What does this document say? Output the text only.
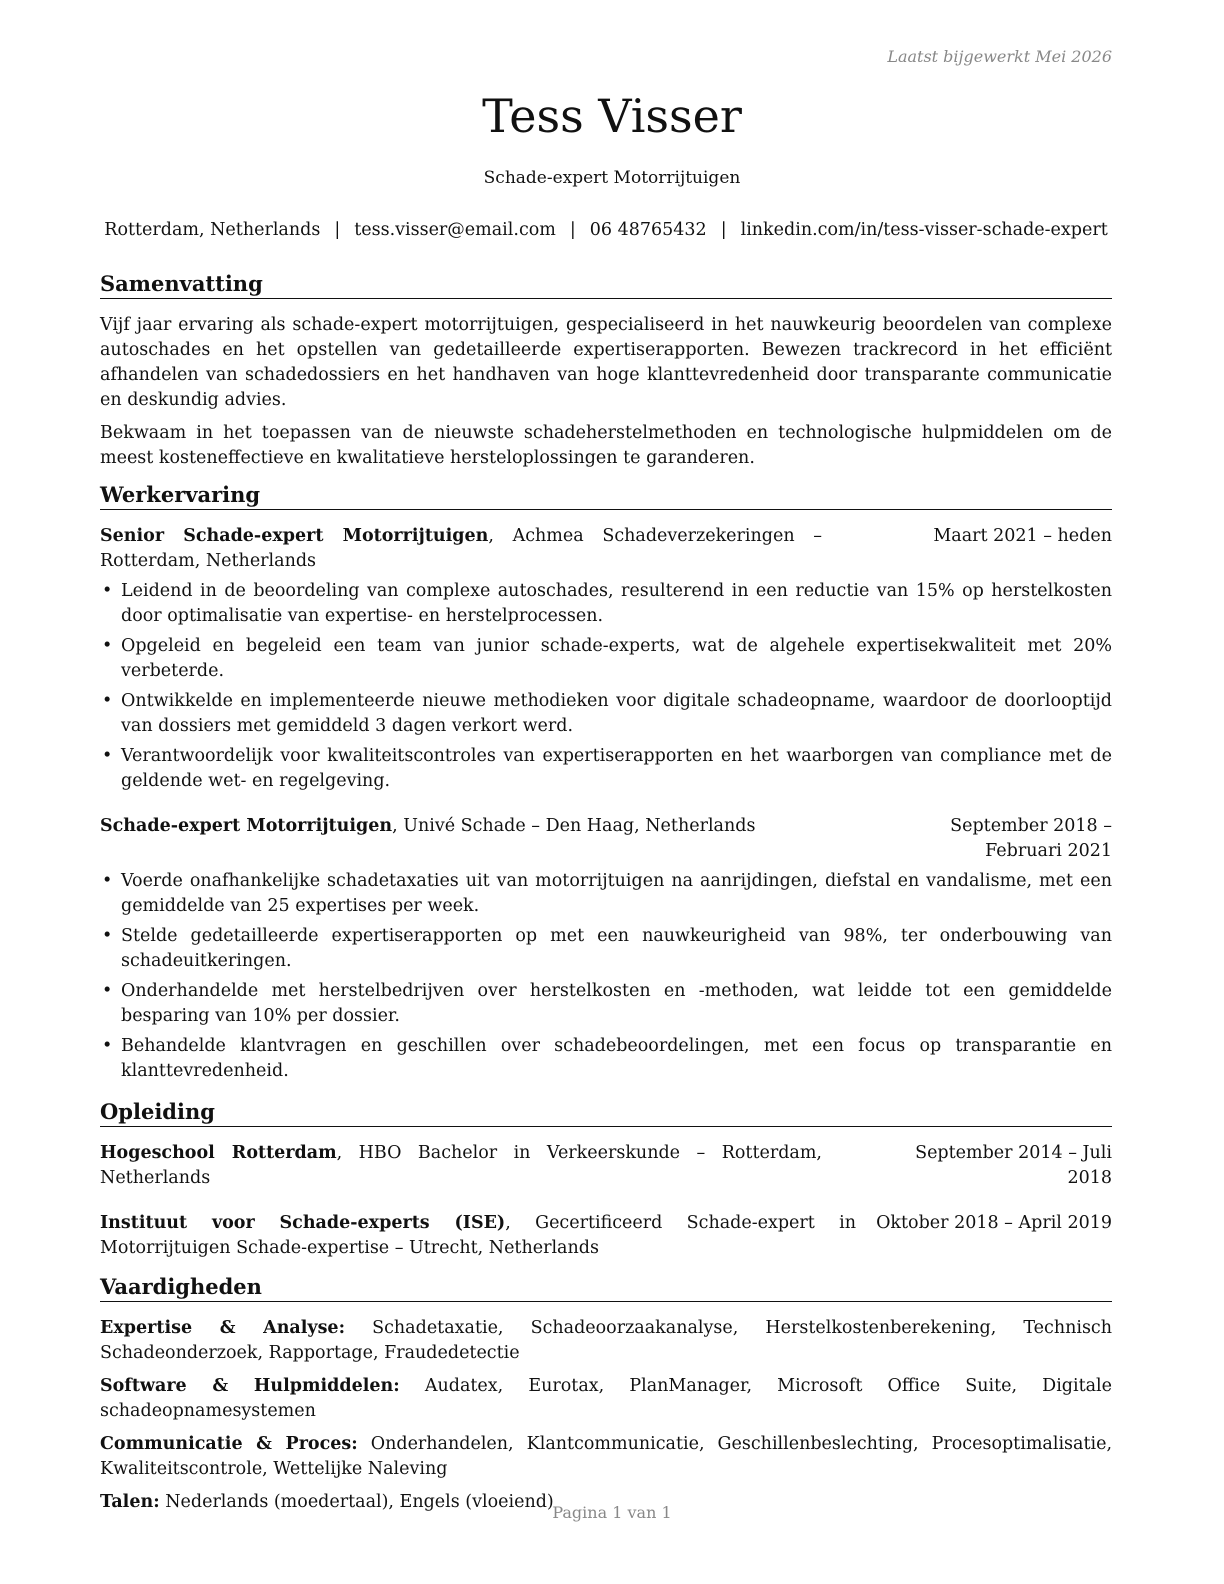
Laatst bijgewerkt Mei 2026
Tess Visser
Schade-expert Motorrijtuigen
Rotterdam, Netherlands | tess.visser@email.com | 06 48765432 | linkedin.com/in/tess-visser-schade-expert
Samenvatting

Vijf jaar ervaring als schade-expert motorrijtuigen, gespecialiseerd in het nauwkeurig beoordelen van complexe autoschades en het opstellen van gedetailleerde expertiserapporten. Bewezen trackrecord in het efficiënt afhandelen van schadedossiers en het handhaven van hoge klanttevredenheid door transparante communicatie en deskundig advies.

Bekwaam in het toepassen van de nieuwste schadeherstelmethoden en technologische hulpmiddelen om de meest kosteneffectieve en kwalitatieve hersteloplossingen te garanderen.

Werkervaring
Senior Schade-expert Motorrijtuigen, Achmea Schadeverzekeringen – Rotterdam, Netherlands
Maart 2021 – heden
• Leidend in de beoordeling van complexe autoschades, resulterend in een reductie van 15% op herstelkosten door optimalisatie van expertise- en herstelprocessen.
• Opgeleid en begeleid een team van junior schade-experts, wat de algehele expertisekwaliteit met 20% verbeterde.
• Ontwikkelde en implementeerde nieuwe methodieken voor digitale schadeopname, waardoor de doorlooptijd van dossiers met gemiddeld 3 dagen verkort werd.
• Verantwoordelijk voor kwaliteitscontroles van expertiserapporten en het waarborgen van compliance met de geldende wet- en regelgeving.
Schade-expert Motorrijtuigen, Univé Schade – Den Haag, Netherlands	September 2018 – Februari 2021
• Voerde onafhankelijke schadetaxaties uit van motorrijtuigen na aanrijdingen, diefstal en vandalisme, met een gemiddelde van 25 expertises per week.
• Stelde gedetailleerde expertiserapporten op met een nauwkeurigheid van 98%, ter onderbouwing van schadeuitkeringen.
• Onderhandelde met herstelbedrijven over herstelkosten en -methoden, wat leidde tot een gemiddelde besparing van 10% per dossier.
• Behandelde klantvragen en geschillen over schadebeoordelingen, met een focus op transparantie en klanttevredenheid.
Opleiding
Hogeschool Rotterdam, HBO Bachelor in Verkeerskunde – Rotterdam, Netherlands
September 2014 – Juli 2018
Instituut voor Schade-experts (ISE), Gecertificeerd Schade-expert in Motorrijtuigen Schade-expertise – Utrecht, Netherlands
Oktober 2018 – April 2019
Vaardigheden

Expertise & Analyse: Schadetaxatie, Schadeoorzaakanalyse, Herstelkostenberekening, Technisch Schadeonderzoek, Rapportage, Fraudedetectie

Software & Hulpmiddelen: Audatex, Eurotax, PlanManager, Microsoft Office Suite, Digitale schadeopnamesystemen

Communicatie & Proces: Onderhandelen, Klantcommunicatie, Geschillenbeslechting, Procesoptimalisatie, Kwaliteitscontrole, Wettelijke Naleving

Talen: Nederlands (moedertaal), Engels (vloeiend)

Pagina 1 van 1
